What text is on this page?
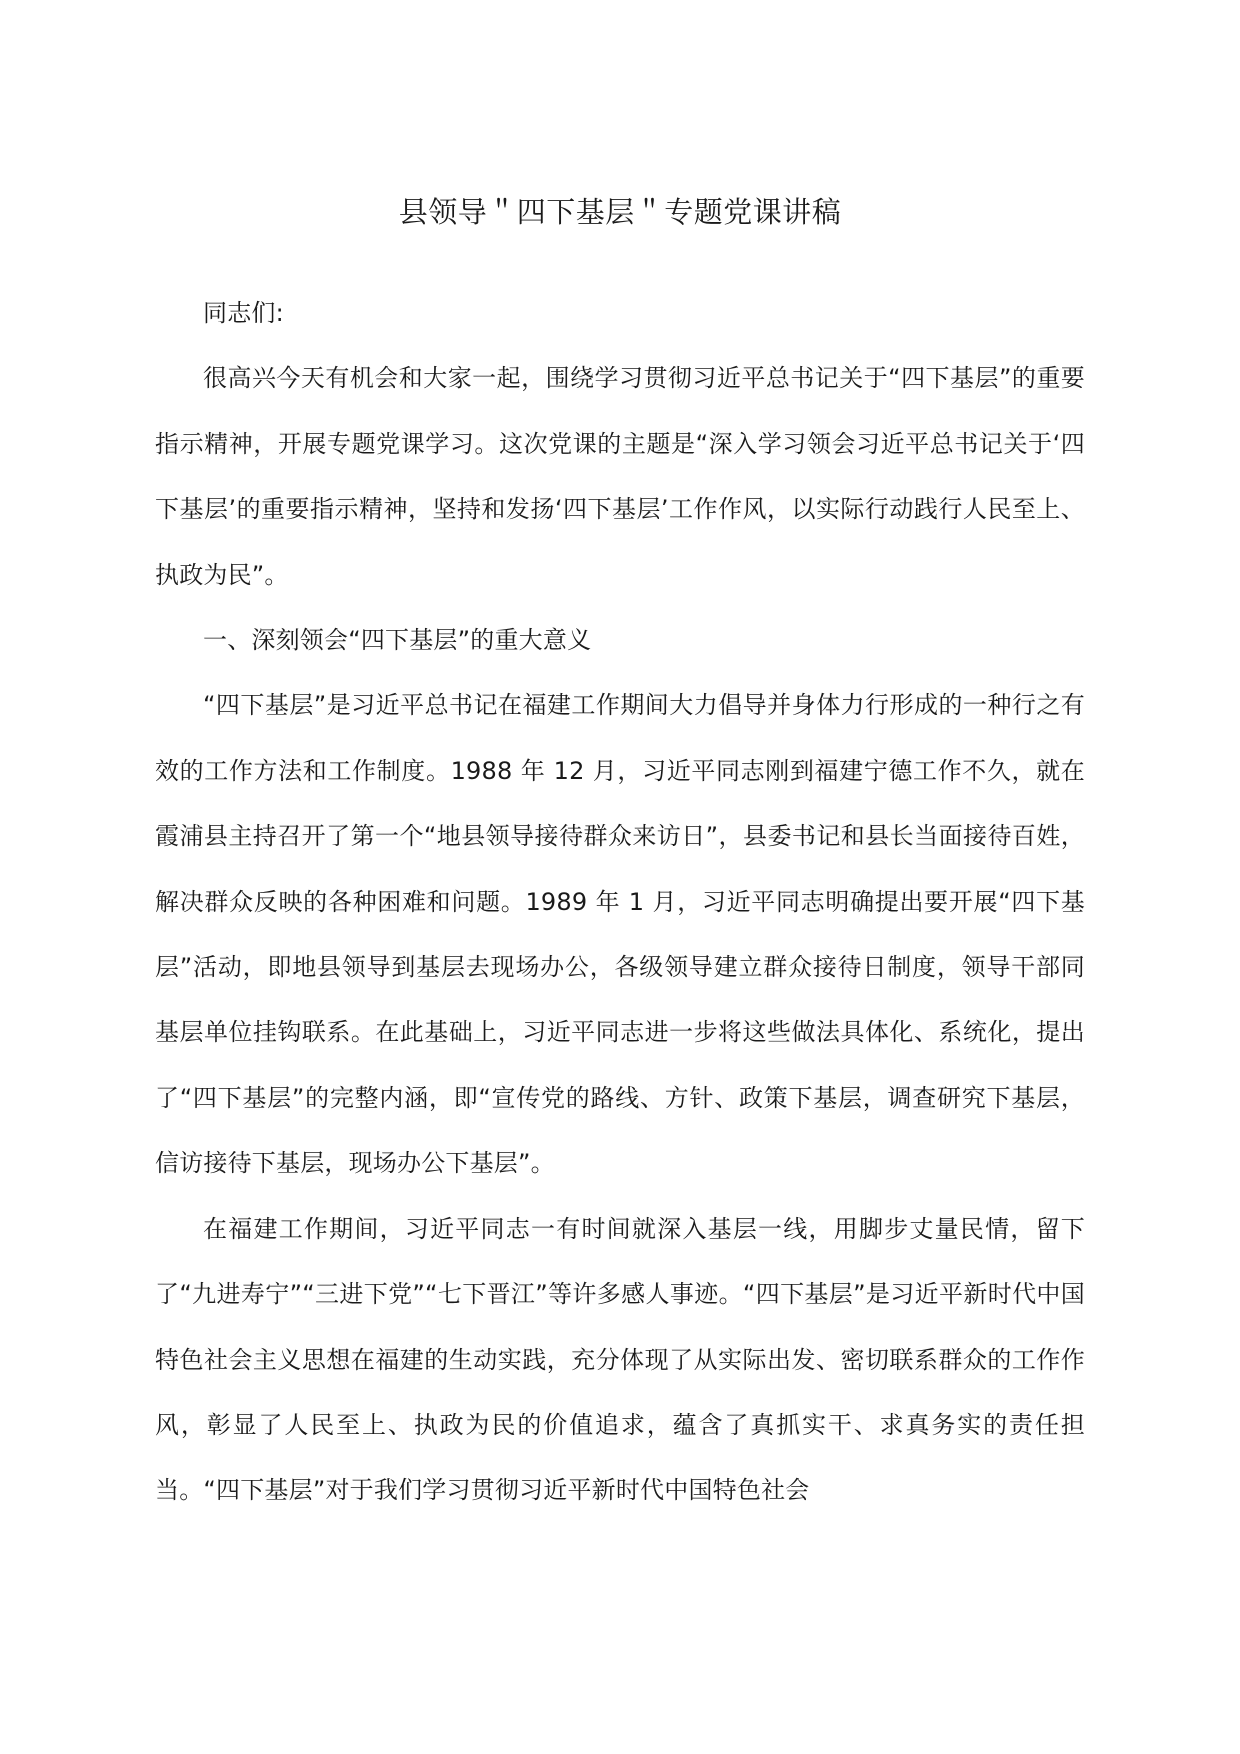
县领导＂四下基层＂专题党课讲稿

同志们:

很高兴今天有机会和大家一起，围绕学习贯彻习近平总书记关于“四下基层”的重要指示精神，开展专题党课学习。这次党课的主题是“深入学习领会习近平总书记关于‘四下基层’的重要指示精神，坚持和发扬‘四下基层’工作作风，以实际行动践行人民至上、执政为民”。

一、深刻领会“四下基层”的重大意义

“四下基层”是习近平总书记在福建工作期间大力倡导并身体力行形成的一种行之有效的工作方法和工作制度。1988 年 12 月，习近平同志刚到福建宁德工作不久，就在霞浦县主持召开了第一个“地县领导接待群众来访日”，县委书记和县长当面接待百姓，解决群众反映的各种困难和问题。1989 年 1 月，习近平同志明确提出要开展“四下基层”活动，即地县领导到基层去现场办公，各级领导建立群众接待日制度，领导干部同基层单位挂钩联系。在此基础上，习近平同志进一步将这些做法具体化、系统化，提出了“四下基层”的完整内涵，即“宣传党的路线、方针、政策下基层，调查研究下基层，信访接待下基层，现场办公下基层”。

在福建工作期间，习近平同志一有时间就深入基层一线，用脚步丈量民情，留下了“九进寿宁”“三进下党”“七下晋江”等许多感人事迹。“四下基层”是习近平新时代中国特色社会主义思想在福建的生动实践，充分体现了从实际出发、密切联系群众的工作作风，彰显了人民至上、执政为民的价值追求，蕴含了真抓实干、求真务实的责任担当。“四下基层”对于我们学习贯彻习近平新时代中国特色社会
